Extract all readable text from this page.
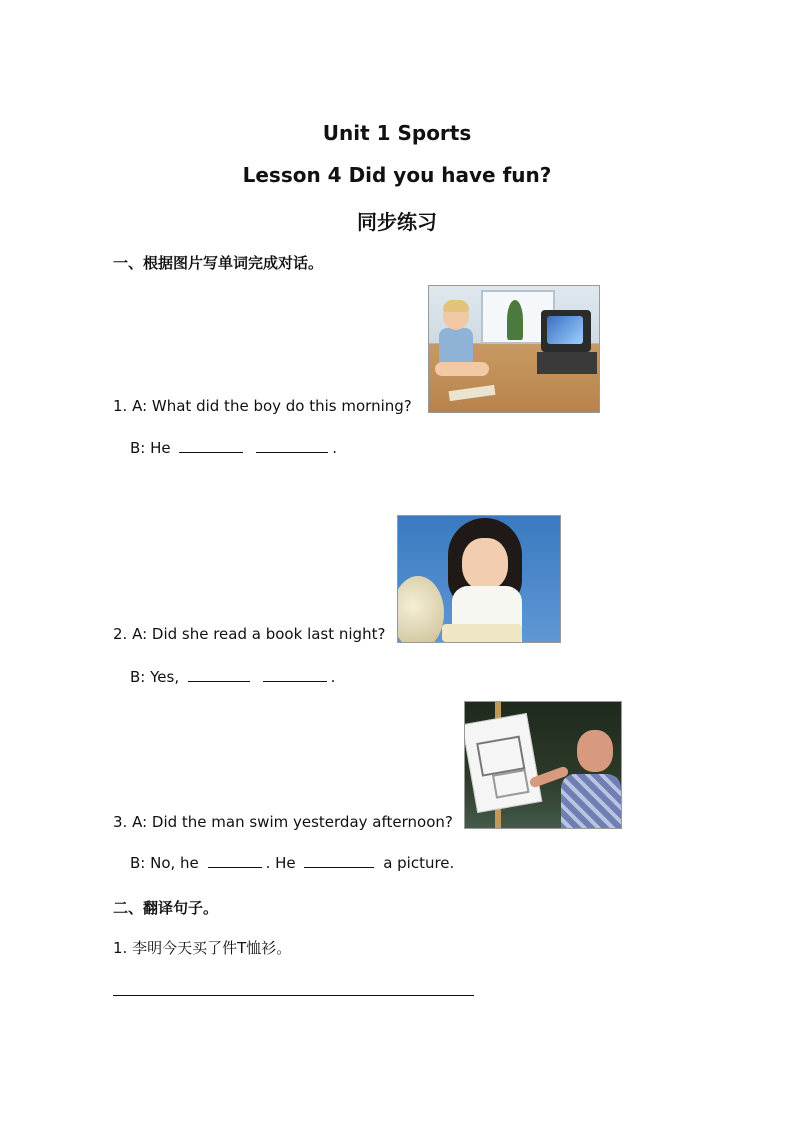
Unit 1 Sports
Lesson 4 Did you have fun?
同步练习

一、根据图片写单词完成对话。

1. A: What did the boy do this morning?
B: He	.
2. A: Did she read a book last night?
B: Yes,	.
3. A: Did the man swim yesterday afternoon?
B: No, he	. He	a picture.

二、翻译句子。

1. 李明今天买了件T恤衫。
